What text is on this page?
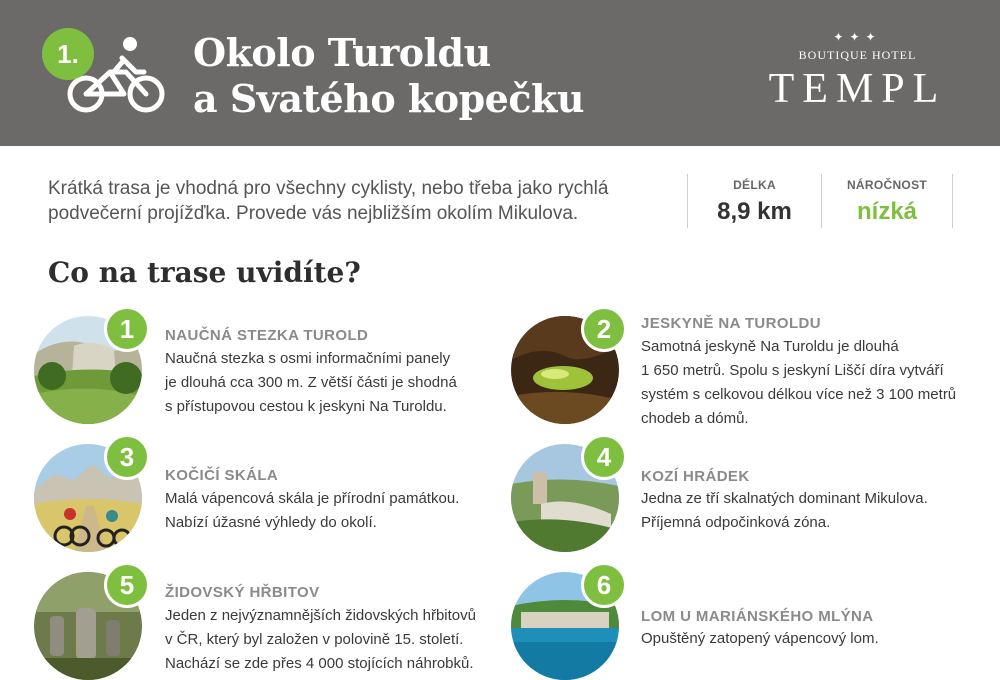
1.	Okolo Turoldu
a Svatého kopečku
✦✦✦
BOUTIQUE HOTEL
TEMPL
Krátká trasa je vhodná pro všechny cyklisty, nebo třeba jako rychlá podvečerní projížďka. Provede vás nejbližším okolím Mikulova.
DÉLKA
8,9 km
NÁROČNOST
nízká
Co na trase uvidíte?
1	NAUČNÁ STEZKA TUROLD
Naučná stezka s osmi informačními panely
je dlouhá cca 300 m. Z větší části je shodná
s přístupovou cestou k jeskyni Na Turoldu.
2	JESKYNĚ NA TUROLDU
Samotná jeskyně Na Turoldu je dlouhá
1 650 metrů. Spolu s jeskyní Liščí díra vytváří
systém s celkovou délkou více než 3 100 metrů
chodeb a dómů.
3
KOČIČÍ SKÁLA
Malá vápencová skála je přírodní památkou.
Nabízí úžasné výhledy do okolí.
4
KOZÍ HRÁDEK
Jedna ze tří skalnatých dominant Mikulova.
Příjemná odpočinková zóna.
5	ŽIDOVSKÝ HŘBITOV
Jeden z nejvýznamnějších židovských hřbitovů
v ČR, který byl založen v polovině 15. století.
Nachází se zde přes 4 000 stojících náhrobků.
6
LOM U MARIÁNSKÉHO MLÝNA
Opuštěný zatopený vápencový lom.
